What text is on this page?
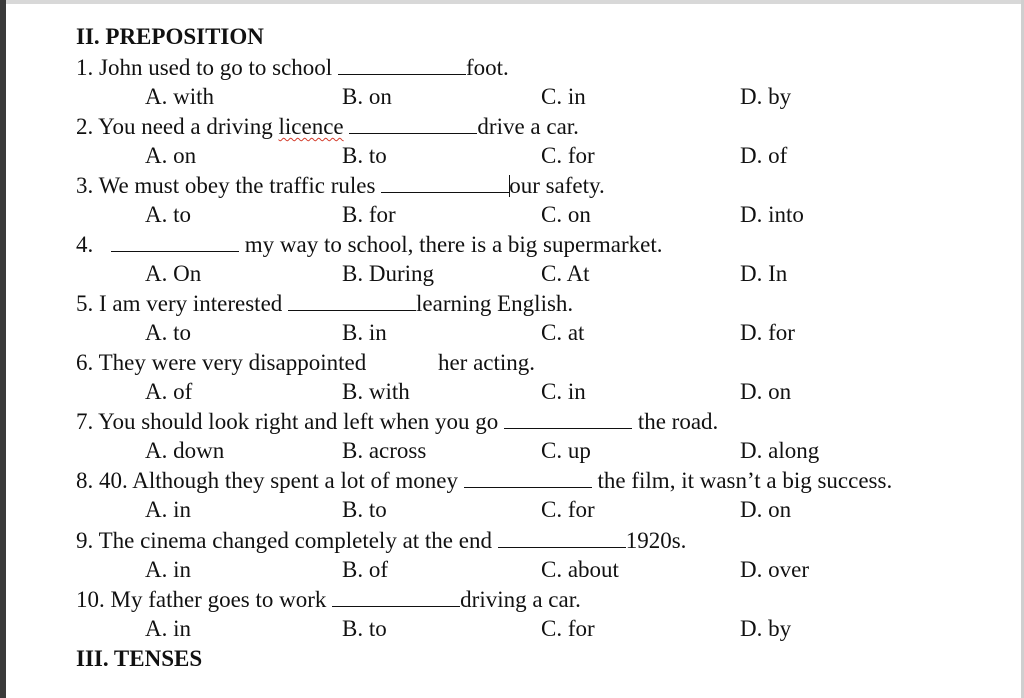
II. PREPOSITION
1. John used to go to school	foot.
A. with	B. on	C. in	D. by
2. You need a driving licence	drive a car.
A. on	B. to	C. for	D. of
3. We must obey the traffic rules	our safety.
A. to	B. for	C. on	D. into
4.	my way to school, there is a big supermarket.
A. On	B. During	C. At	D. In
5. I am very interested	learning English.
A. to	B. in	C. at	D. for
6. They were very disappointed	her acting.
A. of	B. with	C. in	D. on
7. You should look right and left when you go	the road.
A. down	B. across	C. up	D. along
8. 40. Although they spent a lot of money	the film, it wasn’t a big success.
A. in	B. to	C. for	D. on
9. The cinema changed completely at the end	1920s.
A. in	B. of	C. about	D. over
10. My father goes to work	driving a car.
A. in	B. to	C. for	D. by
III. TENSES
